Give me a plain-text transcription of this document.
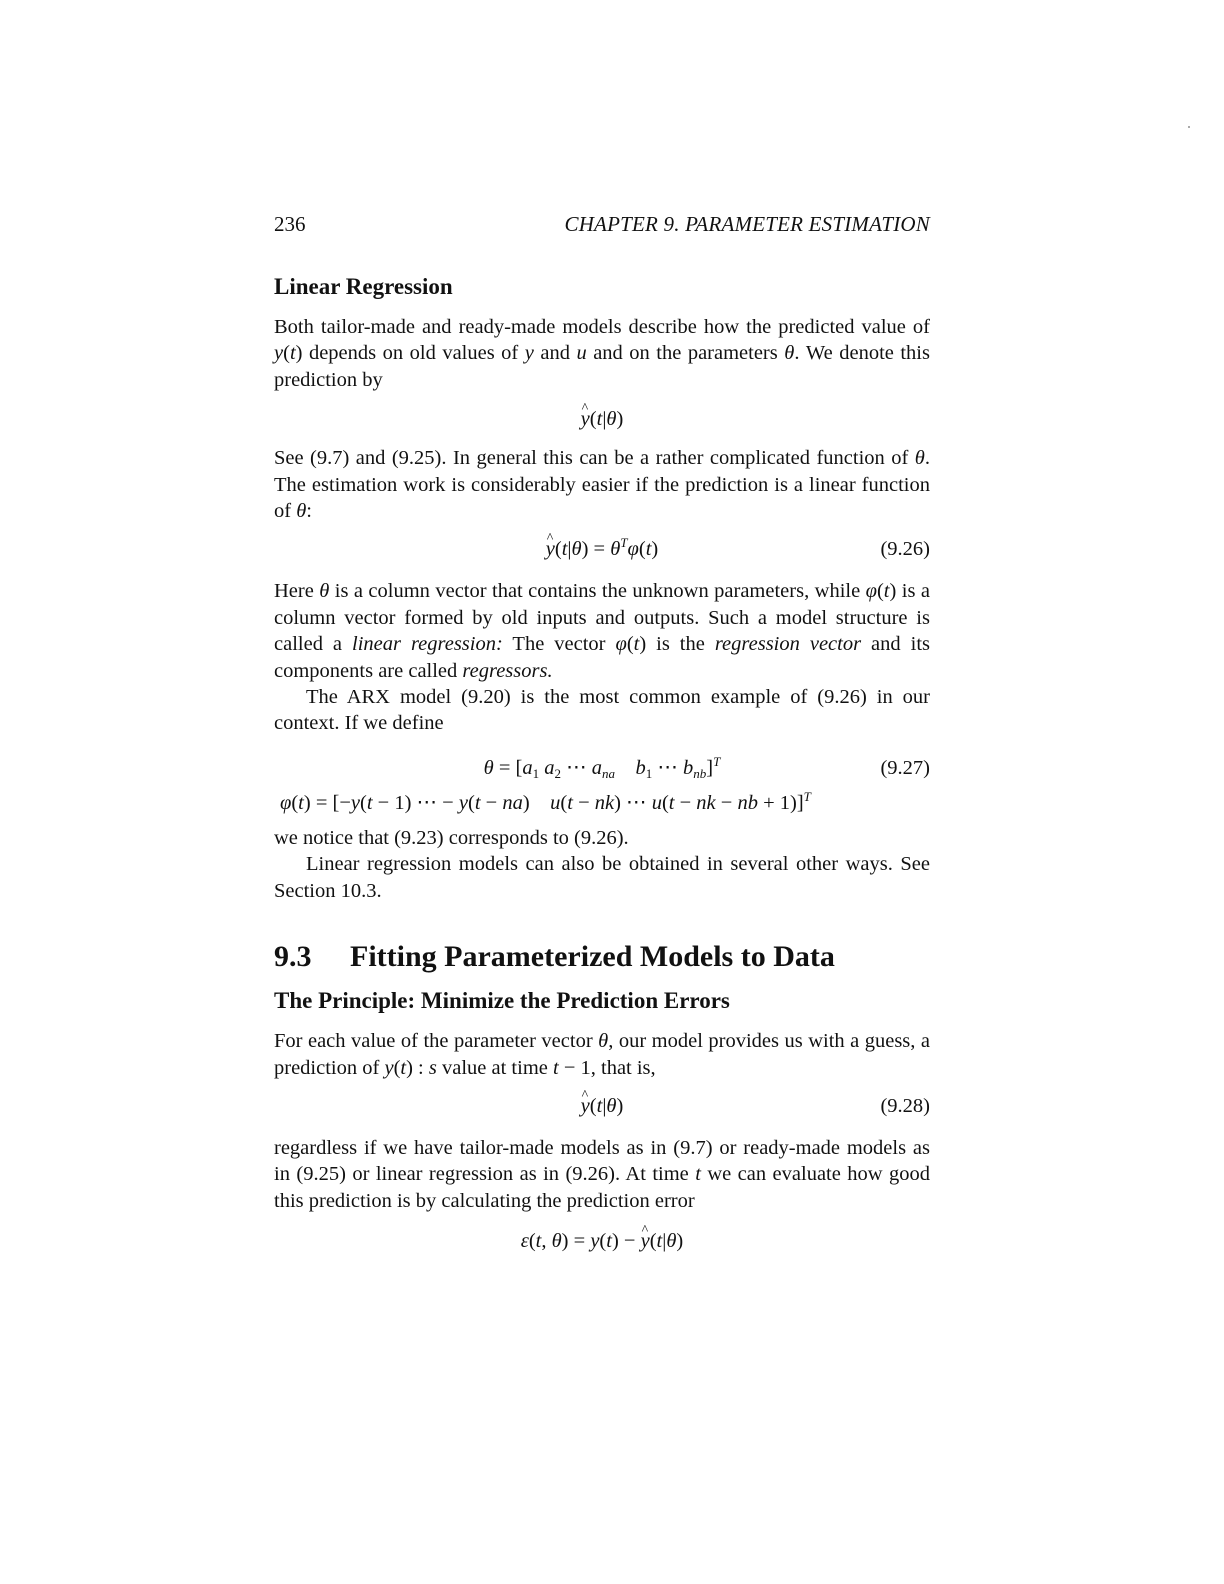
236	CHAPTER 9. PARAMETER ESTIMATION
Linear Regression

Both tailor-made and ready-made models describe how the predicted value of y(t) depends on old values of y and u and on the parameters θ. We denote this prediction by

^ y(t|θ)

See (9.7) and (9.25). In general this can be a rather complicated function of θ. The estimation work is considerably easier if the prediction is a linear function of θ:

^ $y(t|\theta) = \theta^T\varphi(t)$	(9.26)

Here θ is a column vector that contains the unknown parameters, while φ(t) is a column vector formed by old inputs and outputs. Such a model structure is called a linear regression: The vector φ(t) is the regression vector and its components are called regressors.

The ARX model (9.20) is the most common example of (9.26) in our context. If we define

$\theta = [a_1$ $a_2$ ⋯ $a_{na}$ $b_1$ ⋯ $b_{nb}]^T$	(9.27)
φ(t) = [−y(t − 1) ⋯ − y(t − na)    u(t − nk) ⋯ u(t − nk − nb + 1)]$^T$

we notice that (9.23) corresponds to (9.26).

Linear regression models can also be obtained in several other ways. See Section 10.3.

9.3 Fitting Parameterized Models to Data
The Principle: Minimize the Prediction Errors

For each value of the parameter vector θ, our model provides us with a guess, a prediction of y(t) : s value at time t − 1, that is,

^ y(t|θ)	(9.28)

regardless if we have tailor-made models as in (9.7) or ready-made models as in (9.25) or linear regression as in (9.26). At time t we can evaluate how good this prediction is by calculating the prediction error

ε(t, θ) = y(t) − ^ y(t|θ)
